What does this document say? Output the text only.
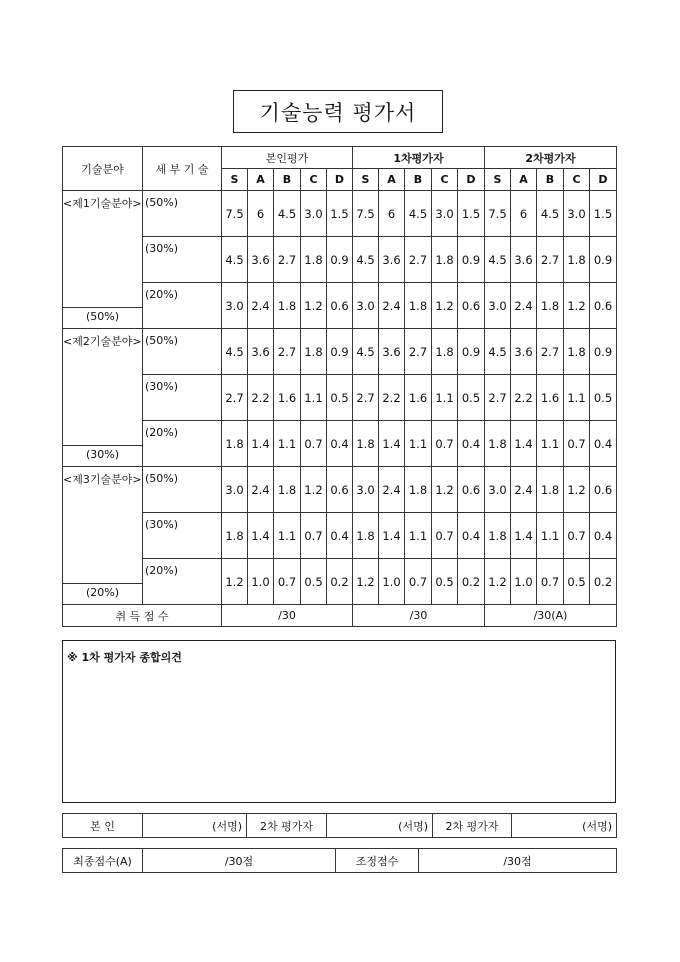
기술능력 평가서
기술분야	세 부 기 술	본인평가					1차평가자					2차평가자				
		S	A	B	C	D	S	A	B	C	D	S	A	B	C	D

<제1기술분야>
(50%)	(50%)	7.5	6	4.5	3.0	1.5	7.5	6	4.5	3.0	1.5	7.5	6	4.5	3.0	1.5
	(30%)	4.5	3.6	2.7	1.8	0.9	4.5	3.6	2.7	1.8	0.9	4.5	3.6	2.7	1.8	0.9
	(20%)	3.0	2.4	1.8	1.2	0.6	3.0	2.4	1.8	1.2	0.6	3.0	2.4	1.8	1.2	0.6

<제2기술분야>
(30%)	(50%)	4.5	3.6	2.7	1.8	0.9	4.5	3.6	2.7	1.8	0.9	4.5	3.6	2.7	1.8	0.9
	(30%)	2.7	2.2	1.6	1.1	0.5	2.7	2.2	1.6	1.1	0.5	2.7	2.2	1.6	1.1	0.5
	(20%)	1.8	1.4	1.1	0.7	0.4	1.8	1.4	1.1	0.7	0.4	1.8	1.4	1.1	0.7	0.4

<제3기술분야>
(20%)	(50%)	3.0	2.4	1.8	1.2	0.6	3.0	2.4	1.8	1.2	0.6	3.0	2.4	1.8	1.2	0.6
	(30%)	1.8	1.4	1.1	0.7	0.4	1.8	1.4	1.1	0.7	0.4	1.8	1.4	1.1	0.7	0.4
	(20%)	1.2	1.0	0.7	0.5	0.2	1.2	1.0	0.7	0.5	0.2	1.2	1.0	0.7	0.5	0.2
취 득 점 수		/30					/30					/30(A)				
※ 1차 평가자 종합의견
본 인	(서명)	2차 평가자	(서명)	2차 평가자	(서명)
최종점수(A)	/30점	조정점수	/30점
